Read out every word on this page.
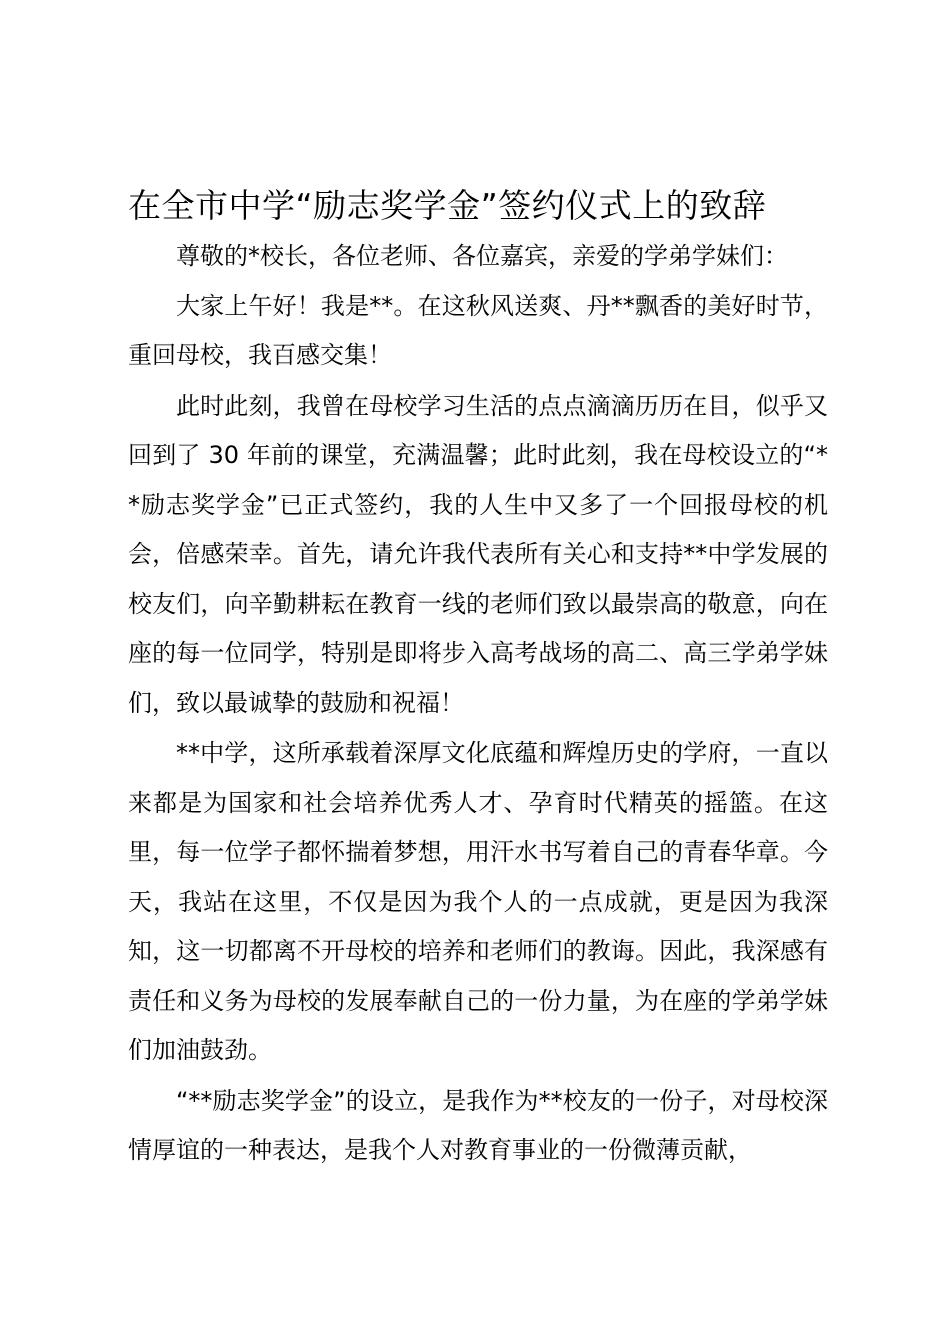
在全市中学“励志奖学金”签约仪式上的致辞

尊敬的*校长，各位老师、各位嘉宾，亲爱的学弟学妹们：

大家上午好！我是**。在这秋风送爽、丹**飘香的美好时节，重回母校，我百感交集！

此时此刻，我曾在母校学习生活的点点滴滴历历在目，似乎又回到了 30 年前的课堂，充满温馨；此时此刻，我在母校设立的“**励志奖学金”已正式签约，我的人生中又多了一个回报母校的机会，倍感荣幸。首先，请允许我代表所有关心和支持**中学发展的校友们，向辛勤耕耘在教育一线的老师们致以最崇高的敬意，向在座的每一位同学，特别是即将步入高考战场的高二、高三学弟学妹们，致以最诚挚的鼓励和祝福！

**中学，这所承载着深厚文化底蕴和辉煌历史的学府，一直以来都是为国家和社会培养优秀人才、孕育时代精英的摇篮。在这里，每一位学子都怀揣着梦想，用汗水书写着自己的青春华章。今天，我站在这里，不仅是因为我个人的一点成就，更是因为我深知，这一切都离不开母校的培养和老师们的教诲。因此，我深感有责任和义务为母校的发展奉献自己的一份力量，为在座的学弟学妹们加油鼓劲。

“**励志奖学金”的设立，是我作为**校友的一份子，对母校深情厚谊的一种表达，是我个人对教育事业的一份微薄贡献，
